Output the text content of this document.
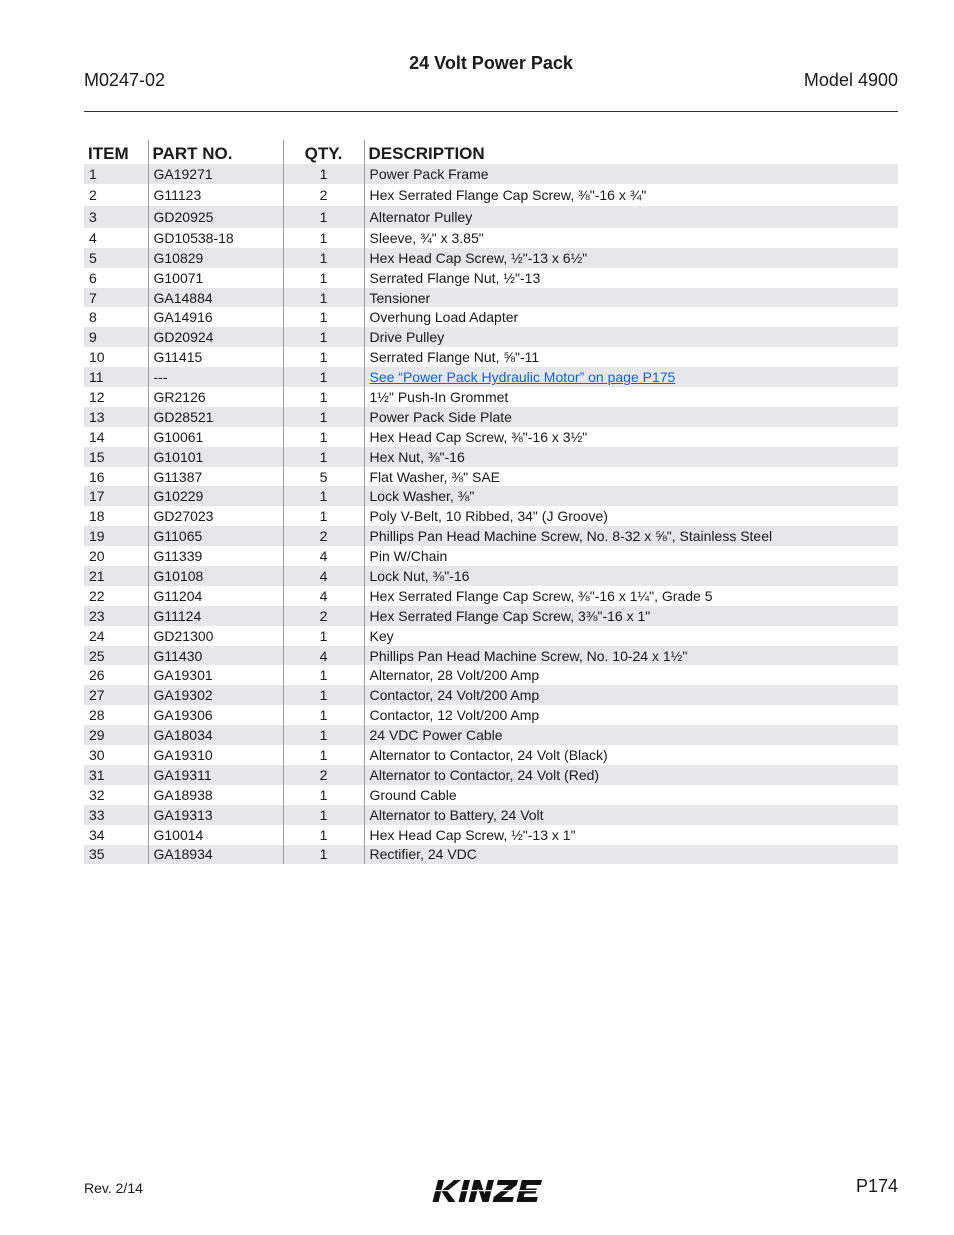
M0247-02
24 Volt Power Pack
Model 4900
ITEM	PART NO.	QTY.	DESCRIPTION
1	GA19271	1	Power Pack Frame
2	G11123	2	Hex Serrated Flange Cap Screw, ⅜"-16 x ¾"
3	GD20925	1	Alternator Pulley
4	GD10538-18	1	Sleeve, ¾" x 3.85"
5	G10829	1	Hex Head Cap Screw, ½"-13 x 6½"
6	G10071	1	Serrated Flange Nut, ½"-13
7	GA14884	1	Tensioner
8	GA14916	1	Overhung Load Adapter
9	GD20924	1	Drive Pulley
10	G11415	1	Serrated Flange Nut, ⅝"-11
11	---	1	See “Power Pack Hydraulic Motor” on page P175
12	GR2126	1	1½" Push-In Grommet
13	GD28521	1	Power Pack Side Plate
14	G10061	1	Hex Head Cap Screw, ⅜"-16 x 3½"
15	G10101	1	Hex Nut, ⅜"-16
16	G11387	5	Flat Washer, ⅜" SAE
17	G10229	1	Lock Washer, ⅜"
18	GD27023	1	Poly V-Belt, 10 Ribbed, 34" (J Groove)
19	G11065	2	Phillips Pan Head Machine Screw, No. 8-32 x ⅝", Stainless Steel
20	G11339	4	Pin W/Chain
21	G10108	4	Lock Nut, ⅜"-16
22	G11204	4	Hex Serrated Flange Cap Screw, ⅜"-16 x 1¼", Grade 5
23	G11124	2	Hex Serrated Flange Cap Screw, 3⅜"-16 x 1"
24	GD21300	1	Key
25	G11430	4	Phillips Pan Head Machine Screw, No. 10-24 x 1½"
26	GA19301	1	Alternator, 28 Volt/200 Amp
27	GA19302	1	Contactor, 24 Volt/200 Amp
28	GA19306	1	Contactor, 12 Volt/200 Amp
29	GA18034	1	24 VDC Power Cable
30	GA19310	1	Alternator to Contactor, 24 Volt (Black)
31	GA19311	2	Alternator to Contactor, 24 Volt (Red)
32	GA18938	1	Ground Cable
33	GA19313	1	Alternator to Battery, 24 Volt
34	G10014	1	Hex Head Cap Screw, ½"-13 x 1"
35	GA18934	1	Rectifier, 24 VDC
Rev. 2/14	P174
